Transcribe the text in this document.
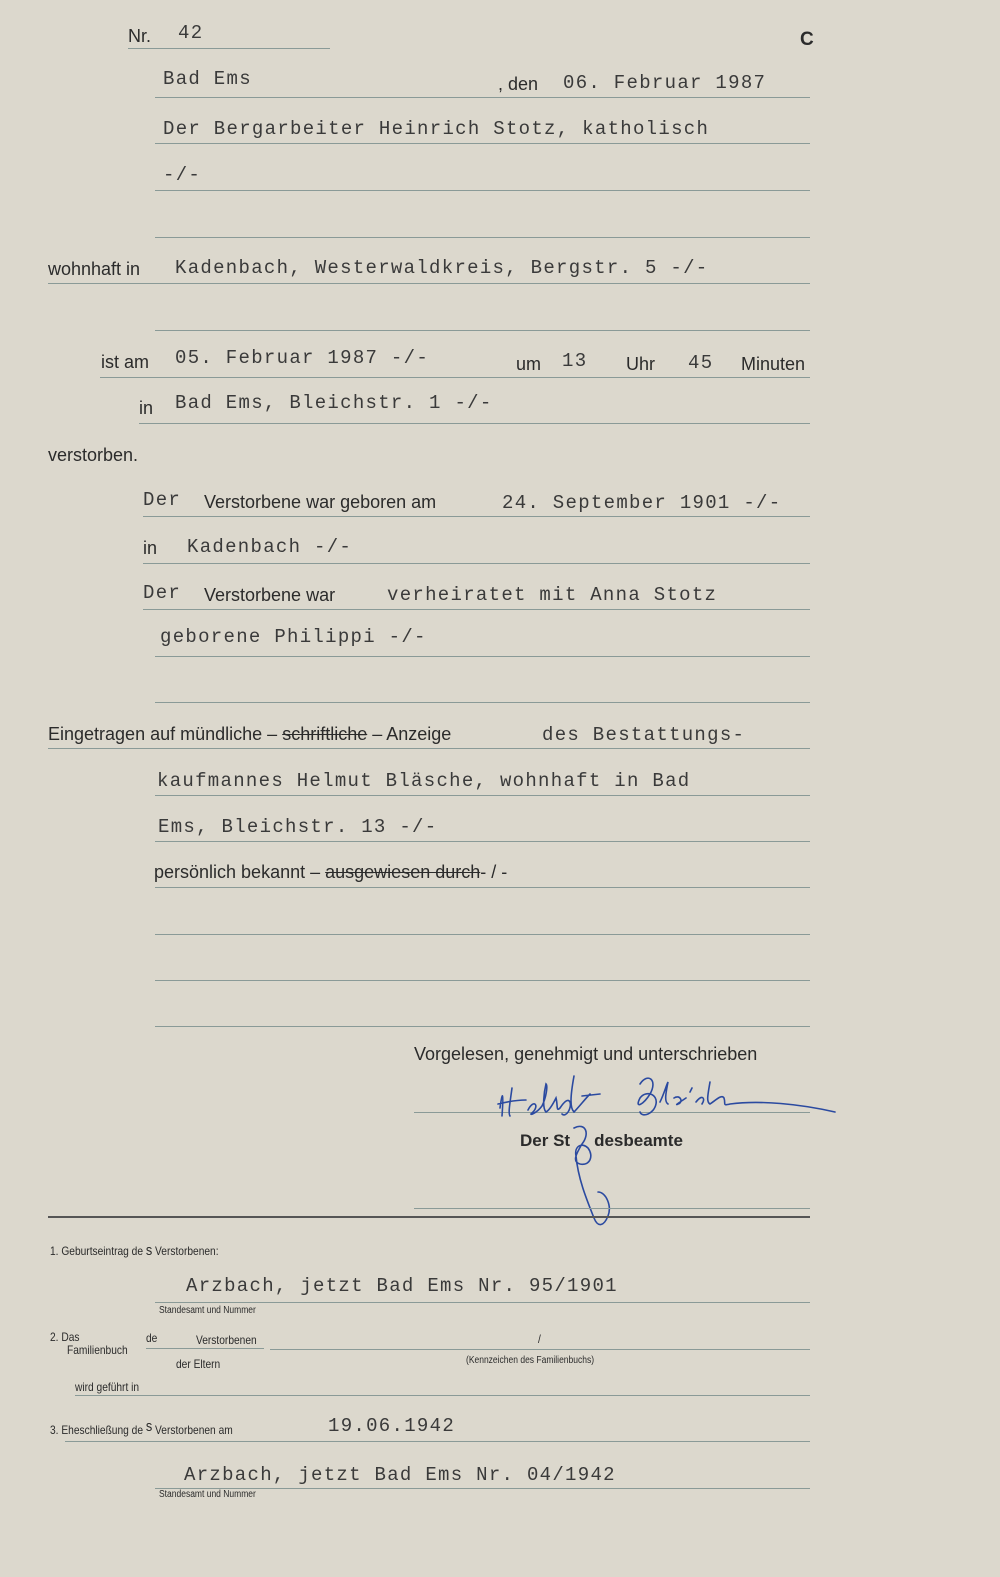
Nr. 42	C
Bad Ems	, den 06. Februar 1987
Der Bergarbeiter Heinrich Stotz, katholisch
-/-
wohnhaft in Kadenbach, Westerwaldkreis, Bergstr. 5 -/-
ist am 05. Februar 1987 -/-	um 13 Uhr 45 Minuten
in Bad Ems, Bleichstr. 1 -/-
verstorben.
Der Verstorbene war geboren am	24. September 1901 -/-
in Kadenbach -/-
Der Verstorbene war	verheiratet mit Anna Stotz
geborene Philippi -/-
Eingetragen auf mündliche – schriftliche – Anzeige	des Bestattungs-
kaufmannes Helmut Bläsche, wohnhaft in Bad
Ems, Bleichstr. 13 -/-
persönlich bekannt – ausgewiesen durch- / -
Vorgelesen, genehmigt und unterschrieben
Der St desbeamte
1. Geburtseintrag de s Verstorbenen:
Arzbach, jetzt Bad Ems Nr. 95/1901
Standesamt und Nummer
2. Das
Familienbuch
de	Verstorbenen
der Eltern
/
(Kennzeichen des Familienbuchs)
wird geführt in
3. Eheschließung de s Verstorbenen am	19.06.1942
Arzbach, jetzt Bad Ems Nr. 04/1942
Standesamt und Nummer
